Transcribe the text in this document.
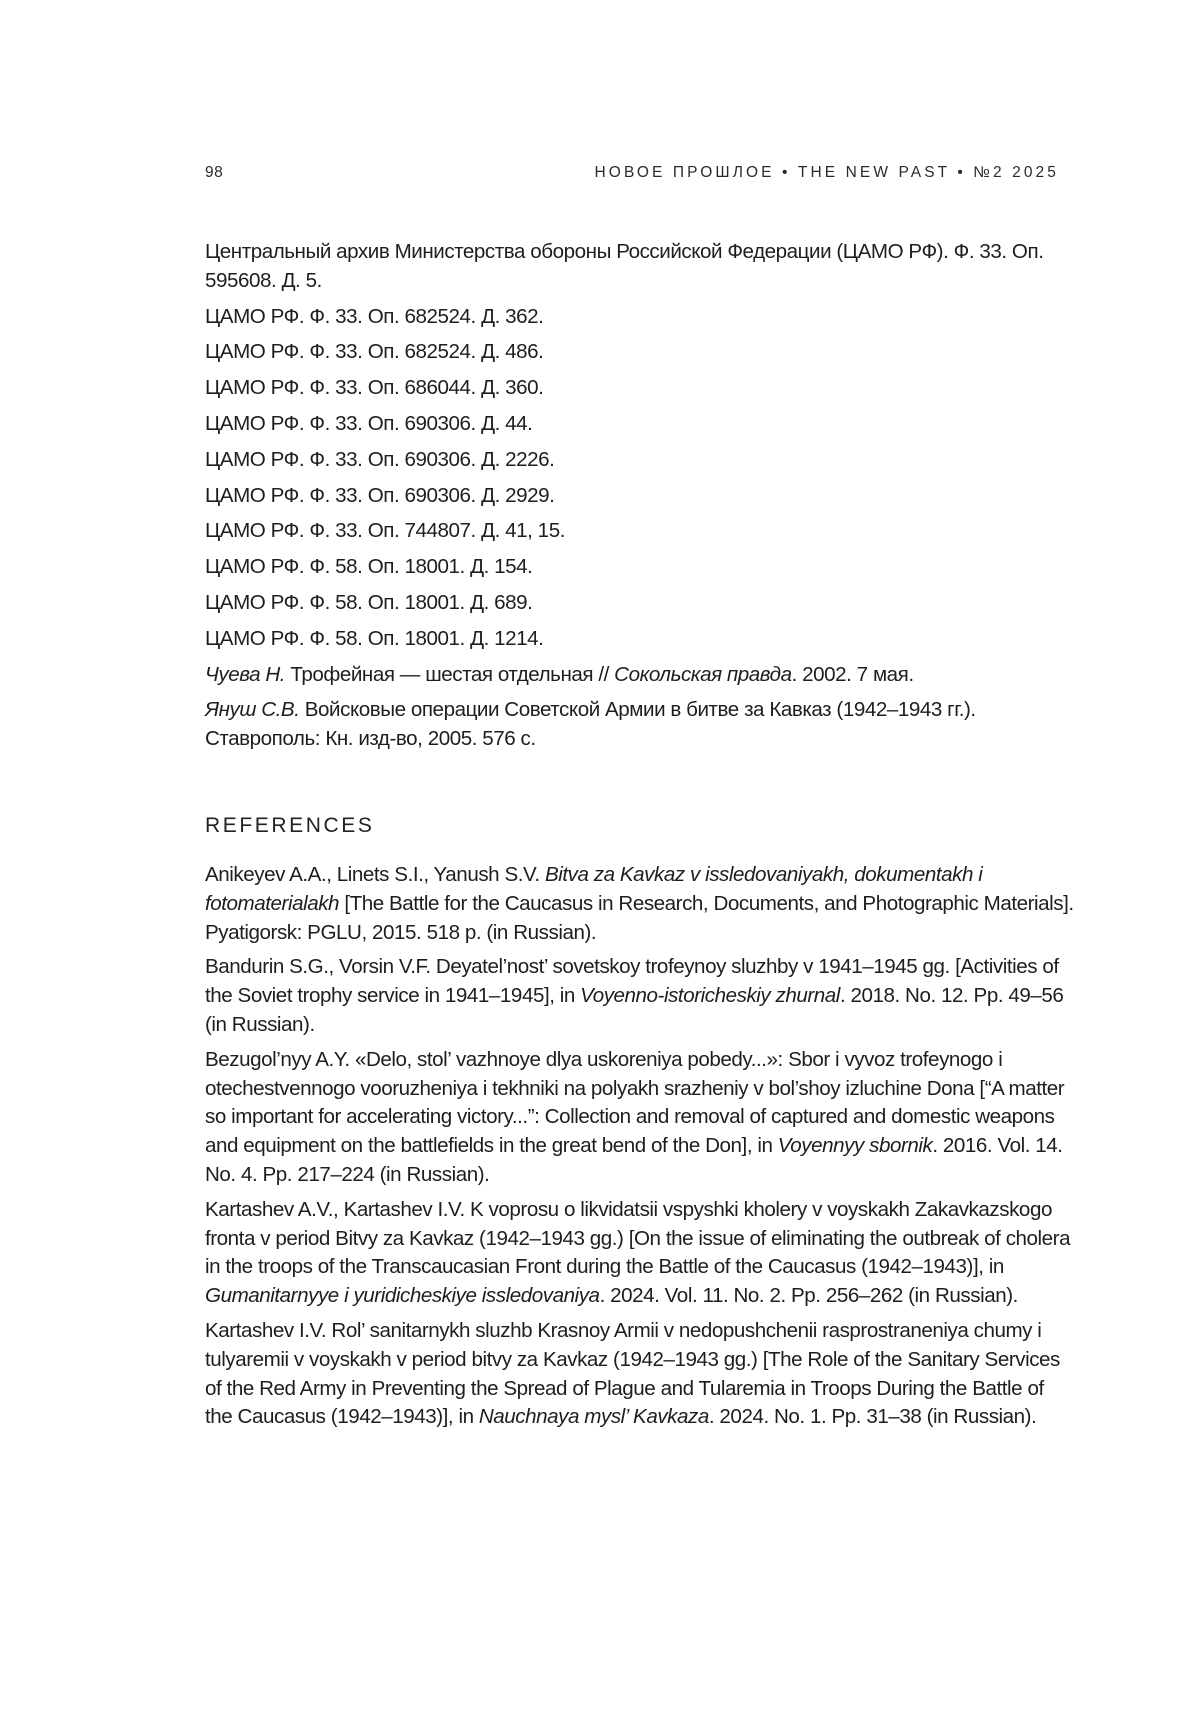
98	НОВОЕ ПРОШЛОЕ • THE NEW PAST • №2 2025

Центральный архив Министерства обороны Российской Федерации (ЦАМО РФ). Ф. 33. Оп. 595608. Д. 5.

ЦАМО РФ. Ф. 33. Оп. 682524. Д. 362.

ЦАМО РФ. Ф. 33. Оп. 682524. Д. 486.

ЦАМО РФ. Ф. 33. Оп. 686044. Д. 360.

ЦАМО РФ. Ф. 33. Оп. 690306. Д. 44.

ЦАМО РФ. Ф. 33. Оп. 690306. Д. 2226.

ЦАМО РФ. Ф. 33. Оп. 690306. Д. 2929.

ЦАМО РФ. Ф. 33. Оп. 744807. Д. 41, 15.

ЦАМО РФ. Ф. 58. Оп. 18001. Д. 154.

ЦАМО РФ. Ф. 58. Оп. 18001. Д. 689.

ЦАМО РФ. Ф. 58. Оп. 18001. Д. 1214.

Чуева Н. Трофейная — шестая отдельная // Сокольская правда. 2002. 7 мая.

Януш С.В. Войсковые операции Советской Армии в битве за Кавказ (1942–1943 гг.). Ставрополь: Кн. изд-во, 2005. 576 с.

REFERENCES

Anikeyev A.A., Linets S.I., Yanush S.V. Bitva za Kavkaz v issledovaniyakh, dokumentakh i fotomaterialakh [The Battle for the Caucasus in Research, Documents, and Photographic Materials]. Pyatigorsk: PGLU, 2015. 518 p. (in Russian).

Bandurin S.G., Vorsin V.F. Deyatel’nost’ sovetskoy trofeynoy sluzhby v 1941–1945 gg. [Activities of the Soviet trophy service in 1941–1945], in Voyenno-istoricheskiy zhurnal. 2018. No. 12. Pp. 49–56 (in Russian).

Bezugol’nyy A.Y. «Delo, stol’ vazhnoye dlya uskoreniya pobedy...»: Sbor i vyvoz trofeynogo i otechestvennogo vooruzheniya i tekhniki na polyakh srazheniy v bol’shoy izluchine Dona [“A matter so important for accelerating victory...”: Collection and removal of captured and domestic weapons and equipment on the battlefields in the great bend of the Don], in Voyennyy sbornik. 2016. Vol. 14. No. 4. Pp. 217–224 (in Russian).

Kartashev A.V., Kartashev I.V. K voprosu o likvidatsii vspyshki kholery v voyskakh Zakavkazskogo fronta v period Bitvy za Kavkaz (1942–1943 gg.) [On the issue of eliminating the outbreak of cholera in the troops of the Transcaucasian Front during the Battle of the Caucasus (1942–1943)], in Gumanitarnyye i yuridicheskiye issledovaniya. 2024. Vol. 11. No. 2. Pp. 256–262 (in Russian).

Kartashev I.V. Rol’ sanitarnykh sluzhb Krasnoy Armii v nedopushchenii rasprostraneniya chumy i tulyaremii v voyskakh v period bitvy za Kavkaz (1942–1943 gg.) [The Role of the Sanitary Services of the Red Army in Preventing the Spread of Plague and Tularemia in Troops During the Battle of the Caucasus (1942–1943)], in Nauchnaya mysl’ Kavkaza. 2024. No. 1. Pp. 31–38 (in Russian).
